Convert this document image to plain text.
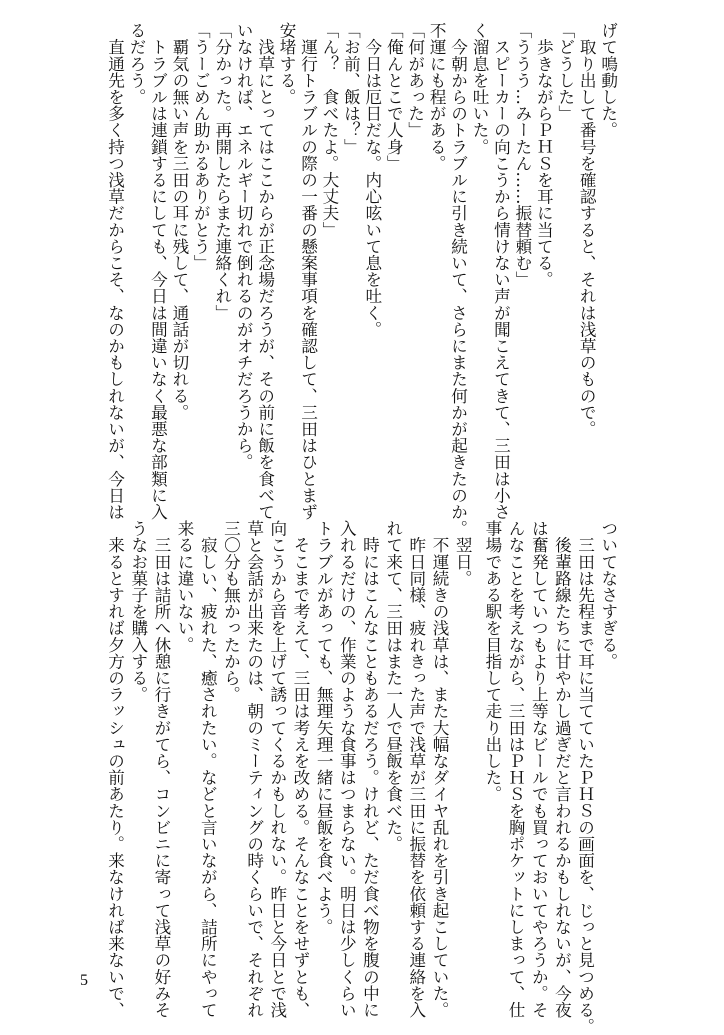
げて鳴動した。
　取り出して番号を確認すると、それは浅草のもので。
「どうした」
　歩きながらＰＨＳを耳に当てる。
「ううう…みーたん……振替頼む」
　スピーカーの向こうから情けない声が聞こえてきて、三田は小さ
く溜息を吐いた。
　今朝からのトラブルに引き続いて、さらにまた何かが起きたのか。
不運にも程がある。
「何があった」
「俺んとこで人身」
　今日は厄日だな。内心呟いて息を吐く。
「お前、飯は？」
「ん？　食べたよ。大丈夫」
　運行トラブルの際の一番の懸案事項を確認して、三田はひとまず
安堵する。
　浅草にとってはここからが正念場だろうが、その前に飯を食べて
いなければ、エネルギー切れで倒れるのがオチだろうから。
「分かった。再開したらまた連絡くれ」
「うーごめん助かるありがとう」
　覇気の無い声を三田の耳に残して、通話が切れる。
　トラブルは連鎖するにしても、今日は間違いなく最悪な部類に入
るだろう。
　直通先を多く持つ浅草だからこそ、なのかもしれないが、今日は
ついてなさすぎる。
　三田は先程まで耳に当てていたＰＨＳの画面を、じっと見つめる。
　後輩路線たちに甘やかし過ぎだと言われるかもしれないが、今夜
は奮発していつもより上等なビールでも買っておいてやろうか。そ
んなことを考えながら、三田はＰＨＳを胸ポケットにしまって、仕
事場である駅を目指して走り出した。
　翌日。
　不運続きの浅草は、また大幅なダイヤ乱れを引き起こしていた。
　昨日同様、疲れきった声で浅草が三田に振替を依頼する連絡を入
れて来て、三田はまた一人で昼飯を食べた。
　時にはこんなこともあるだろう。けれど、ただ食べ物を腹の中に
入れるだけの、作業のような食事はつまらない。明日は少しくらい
トラブルがあっても、無理矢理一緒に昼飯を食べよう。
　そこまで考えて、三田は考えを改める。そんなことをせずとも、
向こうから音を上げて誘ってくるかもしれない。昨日と今日とで浅
草と会話が出来たのは、朝のミーティングの時くらいで、それぞれ
三〇分も無かったから。
　寂しい、疲れた、癒されたい。などと言いながら、詰所にやって
来るに違いない。
　三田は詰所へ休憩に行きがてら、コンビニに寄って浅草の好みそ
うなお菓子を購入する。
　来るとすれば夕方のラッシュの前あたり。来なければ来ないで、
5
